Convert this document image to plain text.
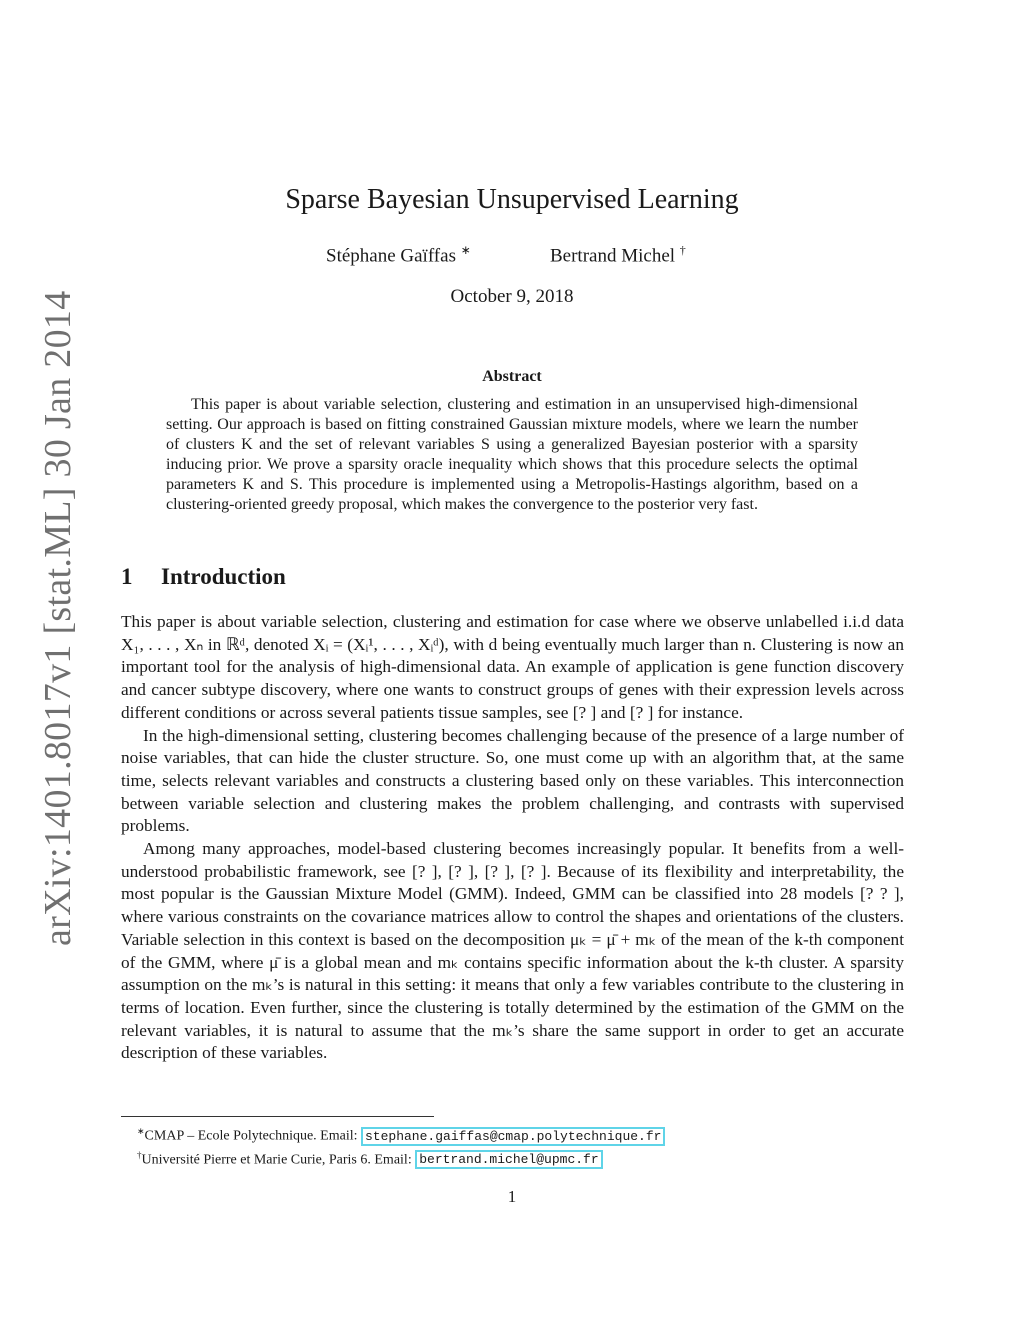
arXiv:1401.8017v1 [stat.ML] 30 Jan 2014
Sparse Bayesian Unsupervised Learning
Stéphane Gaïffas ∗	Bertrand Michel †
October 9, 2018
Abstract

This paper is about variable selection, clustering and estimation in an unsupervised high-dimensional setting. Our approach is based on fitting constrained Gaussian mixture models, where we learn the number of clusters K and the set of relevant variables S using a generalized Bayesian posterior with a sparsity inducing prior. We prove a sparsity oracle inequality which shows that this procedure selects the optimal parameters K and S. This procedure is implemented using a Metropolis-Hastings algorithm, based on a clustering-oriented greedy proposal, which makes the convergence to the posterior very fast.

1 Introduction

This paper is about variable selection, clustering and estimation for case where we observe unlabelled i.i.d data X₁, . . . , Xₙ in ℝᵈ, denoted Xᵢ = (Xᵢ¹, . . . , Xᵢᵈ), with d being eventually much larger than n. Clustering is now an important tool for the analysis of high-dimensional data. An example of application is gene function discovery and cancer subtype discovery, where one wants to construct groups of genes with their expression levels across different conditions or across several patients tissue samples, see [? ] and [? ] for instance.

In the high-dimensional setting, clustering becomes challenging because of the presence of a large number of noise variables, that can hide the cluster structure. So, one must come up with an algorithm that, at the same time, selects relevant variables and constructs a clustering based only on these variables. This interconnection between variable selection and clustering makes the problem challenging, and contrasts with supervised problems.

Among many approaches, model-based clustering becomes increasingly popular. It benefits from a well-understood probabilistic framework, see [? ], [? ], [? ], [? ]. Because of its flexibility and interpretability, the most popular is the Gaussian Mixture Model (GMM). Indeed, GMM can be classified into 28 models [? ? ], where various constraints on the covariance matrices allow to control the shapes and orientations of the clusters. Variable selection in this context is based on the decomposition μₖ = μ̄ + mₖ of the mean of the k-th component of the GMM, where μ̄ is a global mean and mₖ contains specific information about the k-th cluster. A sparsity assumption on the mₖ’s is natural in this setting: it means that only a few variables contribute to the clustering in terms of location. Even further, since the clustering is totally determined by the estimation of the GMM on the relevant variables, it is natural to assume that the mₖ’s share the same support in order to get an accurate description of these variables.

∗CMAP – Ecole Polytechnique. Email: stephane.gaiffas@cmap.polytechnique.fr
†Université Pierre et Marie Curie, Paris 6. Email: bertrand.michel@upmc.fr
1
